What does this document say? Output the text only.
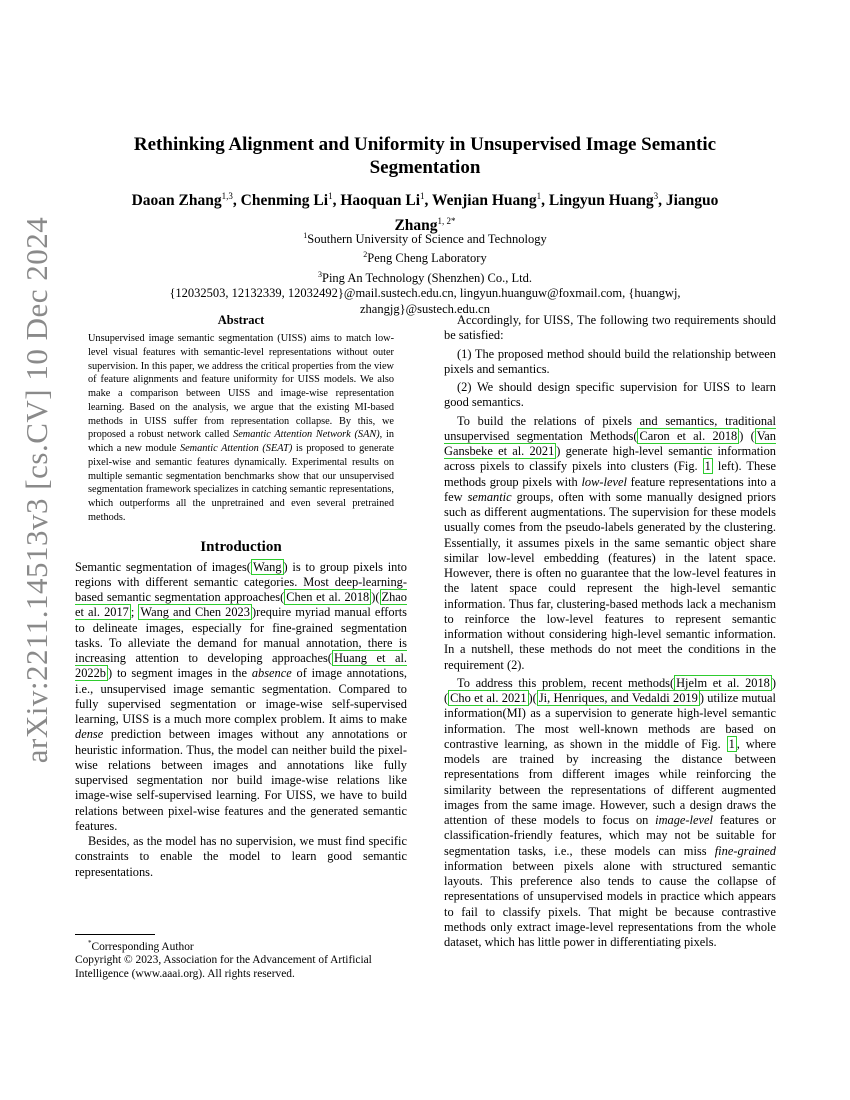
arXiv:2211.14513v3 [cs.CV] 10 Dec 2024
Rethinking Alignment and Uniformity in Unsupervised Image Semantic
Segmentation
Daoan Zhang$^{1,3}$, Chenming Li$^1$, Haoquan Li$^1$, Wenjian Huang$^1$, Lingyun Huang$^3$, Jianguo
Zhang$^{1, 2*}$
$^1$Southern University of Science and Technology
$^2$Peng Cheng Laboratory
$^3$Ping An Technology (Shenzhen) Co., Ltd.
{12032503, 12132339, 12032492}@mail.sustech.edu.cn, lingyun.huanguw@foxmail.com, {huangwj,
zhangjg}@sustech.edu.cn
Abstract
Unsupervised image semantic segmentation (UISS) aims to match low-level visual features with semantic-level representations without outer supervision. In this paper, we address the critical properties from the view of feature alignments and feature uniformity for UISS models. We also make a comparison between UISS and image-wise representation learning. Based on the analysis, we argue that the existing MI-based methods in UISS suffer from representation collapse. By this, we proposed a robust network called Semantic Attention Network (SAN), in which a new module Semantic Attention (SEAT) is proposed to generate pixel-wise and semantic features dynamically. Experimental results on multiple semantic segmentation benchmarks show that our unsupervised segmentation framework specializes in catching semantic representations, which outperforms all the unpretrained and even several pretrained methods.
Introduction

Semantic segmentation of images( Wang ) is to group pixels into regions with different semantic categories. Most deep-learning-based semantic segmentation approaches( Chen et al. 2018 )( Zhao et al. 2017 ; Wang and Chen 2023 )require myriad manual efforts to delineate images, especially for fine-grained segmentation tasks. To alleviate the demand for manual annotation, there is increasing attention to developing approaches( Huang et al. 2022b ) to segment images in the absence of image annotations, i.e., unsupervised image semantic segmentation. Compared to fully supervised segmentation or image-wise self-supervised learning, UISS is a much more complex problem. It aims to make dense prediction between images without any annotations or heuristic information. Thus, the model can neither build the pixel-wise relations between images and annotations like fully supervised segmentation nor build image-wise relations like image-wise self-supervised learning. For UISS, we have to build relations between pixel-wise features and the generated semantic features.

Besides, as the model has no supervision, we must find specific constraints to enable the model to learn good semantic representations.

*Corresponding Author
Copyright © 2023, Association for the Advancement of Artificial Intelligence (www.aaai.org). All rights reserved.

Accordingly, for UISS, The following two requirements should be satisfied:

(1) The proposed method should build the relationship between pixels and semantics.

(2) We should design specific supervision for UISS to learn good semantics.

To build the relations of pixels and semantics, traditional unsupervised segmentation Methods( Caron et al. 2018 ) ( Van Gansbeke et al. 2021 ) generate high-level semantic information across pixels to classify pixels into clusters (Fig. 1 left). These methods group pixels with low-level feature representations into a few semantic groups, often with some manually designed priors such as different augmentations. The supervision for these models usually comes from the pseudo-labels generated by the clustering. Essentially, it assumes pixels in the same semantic object share similar low-level embedding (features) in the latent space. However, there is often no guarantee that the low-level features in the latent space could represent the high-level semantic information. Thus far, clustering-based methods lack a mechanism to reinforce the low-level features to represent semantic information without considering high-level semantic information. In a nutshell, these methods do not meet the conditions in the requirement (2).

To address this problem, recent methods( Hjelm et al. 2018 )( Cho et al. 2021 )( Ji, Henriques, and Vedaldi 2019 ) utilize mutual information(MI) as a supervision to generate high-level semantic information. The most well-known methods are based on contrastive learning, as shown in the middle of Fig. 1 , where models are trained by increasing the distance between representations from different images while reinforcing the similarity between the representations of different augmented images from the same image. However, such a design draws the attention of these models to focus on image-level features or classification-friendly features, which may not be suitable for segmentation tasks, i.e., these models can miss fine-grained information between pixels alone with structured semantic layouts. This preference also tends to cause the collapse of representations of unsupervised models in practice which appears to fail to classify pixels. That might be because contrastive methods only extract image-level representations from the whole dataset, which has little power in differentiating pixels.
